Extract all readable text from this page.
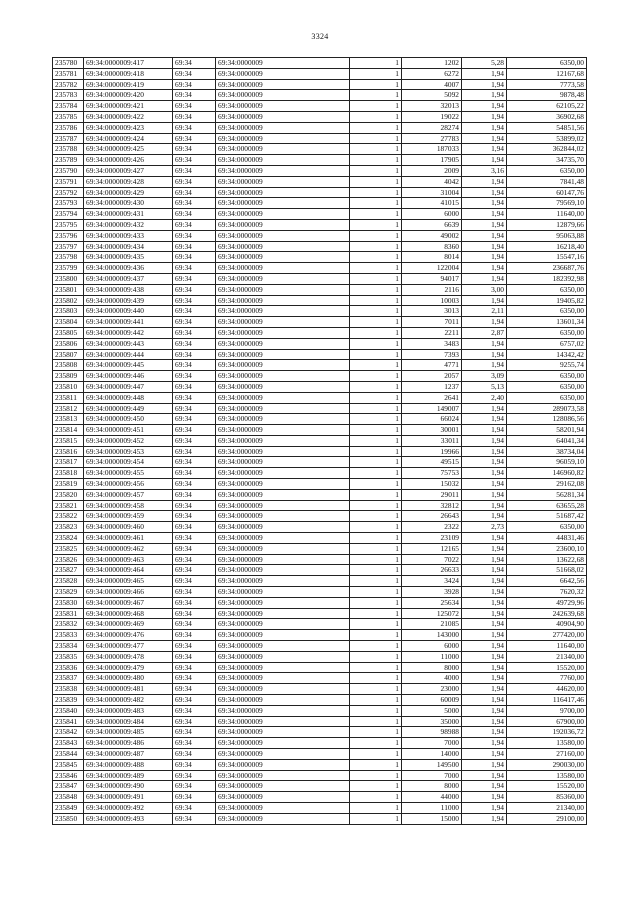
3324
235780	69:34:0000009:417	69:34	69:34:0000009	1	1202	5,28	6350,00
235781	69:34:0000009:418	69:34	69:34:0000009	1	6272	1,94	12167,68
235782	69:34:0000009:419	69:34	69:34:0000009	1	4007	1,94	7773,58
235783	69:34:0000009:420	69:34	69:34:0000009	1	5092	1,94	9878,48
235784	69:34:0000009:421	69:34	69:34:0000009	1	32013	1,94	62105,22
235785	69:34:0000009:422	69:34	69:34:0000009	1	19022	1,94	36902,68
235786	69:34:0000009:423	69:34	69:34:0000009	1	28274	1,94	54851,56
235787	69:34:0000009:424	69:34	69:34:0000009	1	27783	1,94	53899,02
235788	69:34:0000009:425	69:34	69:34:0000009	1	187033	1,94	362844,02
235789	69:34:0000009:426	69:34	69:34:0000009	1	17905	1,94	34735,70
235790	69:34:0000009:427	69:34	69:34:0000009	1	2009	3,16	6350,00
235791	69:34:0000009:428	69:34	69:34:0000009	1	4042	1,94	7841,48
235792	69:34:0000009:429	69:34	69:34:0000009	1	31004	1,94	60147,76
235793	69:34:0000009:430	69:34	69:34:0000009	1	41015	1,94	79569,10
235794	69:34:0000009:431	69:34	69:34:0000009	1	6000	1,94	11640,00
235795	69:34:0000009:432	69:34	69:34:0000009	1	6639	1,94	12879,66
235796	69:34:0000009:433	69:34	69:34:0000009	1	49002	1,94	95063,88
235797	69:34:0000009:434	69:34	69:34:0000009	1	8360	1,94	16218,40
235798	69:34:0000009:435	69:34	69:34:0000009	1	8014	1,94	15547,16
235799	69:34:0000009:436	69:34	69:34:0000009	1	122004	1,94	236687,76
235800	69:34:0000009:437	69:34	69:34:0000009	1	94017	1,94	182392,98
235801	69:34:0000009:438	69:34	69:34:0000009	1	2116	3,00	6350,00
235802	69:34:0000009:439	69:34	69:34:0000009	1	10003	1,94	19405,82
235803	69:34:0000009:440	69:34	69:34:0000009	1	3013	2,11	6350,00
235804	69:34:0000009:441	69:34	69:34:0000009	1	7011	1,94	13601,34
235805	69:34:0000009:442	69:34	69:34:0000009	1	2211	2,87	6350,00
235806	69:34:0000009:443	69:34	69:34:0000009	1	3483	1,94	6757,02
235807	69:34:0000009:444	69:34	69:34:0000009	1	7393	1,94	14342,42
235808	69:34:0000009:445	69:34	69:34:0000009	1	4771	1,94	9255,74
235809	69:34:0000009:446	69:34	69:34:0000009	1	2057	3,09	6350,00
235810	69:34:0000009:447	69:34	69:34:0000009	1	1237	5,13	6350,00
235811	69:34:0000009:448	69:34	69:34:0000009	1	2641	2,40	6350,00
235812	69:34:0000009:449	69:34	69:34:0000009	1	149007	1,94	289073,58
235813	69:34:0000009:450	69:34	69:34:0000009	1	66024	1,94	128086,56
235814	69:34:0000009:451	69:34	69:34:0000009	1	30001	1,94	58201,94
235815	69:34:0000009:452	69:34	69:34:0000009	1	33011	1,94	64041,34
235816	69:34:0000009:453	69:34	69:34:0000009	1	19966	1,94	38734,04
235817	69:34:0000009:454	69:34	69:34:0000009	1	49515	1,94	96059,10
235818	69:34:0000009:455	69:34	69:34:0000009	1	75753	1,94	146960,82
235819	69:34:0000009:456	69:34	69:34:0000009	1	15032	1,94	29162,08
235820	69:34:0000009:457	69:34	69:34:0000009	1	29011	1,94	56281,34
235821	69:34:0000009:458	69:34	69:34:0000009	1	32812	1,94	63655,28
235822	69:34:0000009:459	69:34	69:34:0000009	1	26643	1,94	51687,42
235823	69:34:0000009:460	69:34	69:34:0000009	1	2322	2,73	6350,00
235824	69:34:0000009:461	69:34	69:34:0000009	1	23109	1,94	44831,46
235825	69:34:0000009:462	69:34	69:34:0000009	1	12165	1,94	23600,10
235826	69:34:0000009:463	69:34	69:34:0000009	1	7022	1,94	13622,68
235827	69:34:0000009:464	69:34	69:34:0000009	1	26633	1,94	51668,02
235828	69:34:0000009:465	69:34	69:34:0000009	1	3424	1,94	6642,56
235829	69:34:0000009:466	69:34	69:34:0000009	1	3928	1,94	7620,32
235830	69:34:0000009:467	69:34	69:34:0000009	1	25634	1,94	49729,96
235831	69:34:0000009:468	69:34	69:34:0000009	1	125072	1,94	242639,68
235832	69:34:0000009:469	69:34	69:34:0000009	1	21085	1,94	40904,90
235833	69:34:0000009:476	69:34	69:34:0000009	1	143000	1,94	277420,00
235834	69:34:0000009:477	69:34	69:34:0000009	1	6000	1,94	11640,00
235835	69:34:0000009:478	69:34	69:34:0000009	1	11000	1,94	21340,00
235836	69:34:0000009:479	69:34	69:34:0000009	1	8000	1,94	15520,00
235837	69:34:0000009:480	69:34	69:34:0000009	1	4000	1,94	7760,00
235838	69:34:0000009:481	69:34	69:34:0000009	1	23000	1,94	44620,00
235839	69:34:0000009:482	69:34	69:34:0000009	1	60009	1,94	116417,46
235840	69:34:0000009:483	69:34	69:34:0000009	1	5000	1,94	9700,00
235841	69:34:0000009:484	69:34	69:34:0000009	1	35000	1,94	67900,00
235842	69:34:0000009:485	69:34	69:34:0000009	1	98988	1,94	192036,72
235843	69:34:0000009:486	69:34	69:34:0000009	1	7000	1,94	13580,00
235844	69:34:0000009:487	69:34	69:34:0000009	1	14000	1,94	27160,00
235845	69:34:0000009:488	69:34	69:34:0000009	1	149500	1,94	290030,00
235846	69:34:0000009:489	69:34	69:34:0000009	1	7000	1,94	13580,00
235847	69:34:0000009:490	69:34	69:34:0000009	1	8000	1,94	15520,00
235848	69:34:0000009:491	69:34	69:34:0000009	1	44000	1,94	85360,00
235849	69:34:0000009:492	69:34	69:34:0000009	1	11000	1,94	21340,00
235850	69:34:0000009:493	69:34	69:34:0000009	1	15000	1,94	29100,00
